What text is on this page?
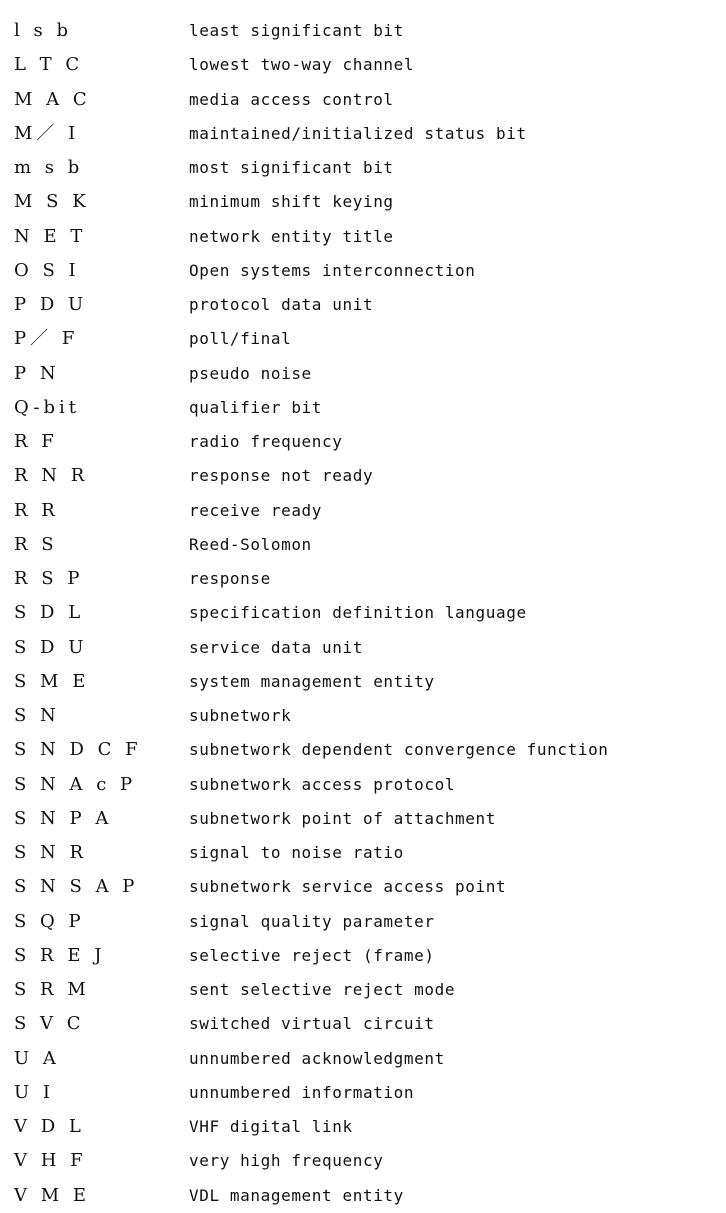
l s b	least significant bit
L T C	lowest two-way channel
M A C	media access control
M／ I	maintained/initialized status bit
m s b	most significant bit
M S K	minimum shift keying
N E T	network entity title
O S I	Open systems interconnection
P D U	protocol data unit
P／ F	poll/final
P N	pseudo noise
Q-bit	qualifier bit
R F	radio frequency
R N R	response not ready
R R	receive ready
R S	Reed-Solomon
R S P	response
S D L	specification definition language
S D U	service data unit
S M E	system management entity
S N	subnetwork
S N D C F	subnetwork dependent convergence function
S N A c P	subnetwork access protocol
S N P A	subnetwork point of attachment
S N R	signal to noise ratio
S N S A P	subnetwork service access point
S Q P	signal quality parameter
S R E J	selective reject (frame)
S R M	sent selective reject mode
S V C	switched virtual circuit
U A	unnumbered acknowledgment
U I	unnumbered information
V D L	VHF digital link
V H F	very high frequency
V M E	VDL management entity
